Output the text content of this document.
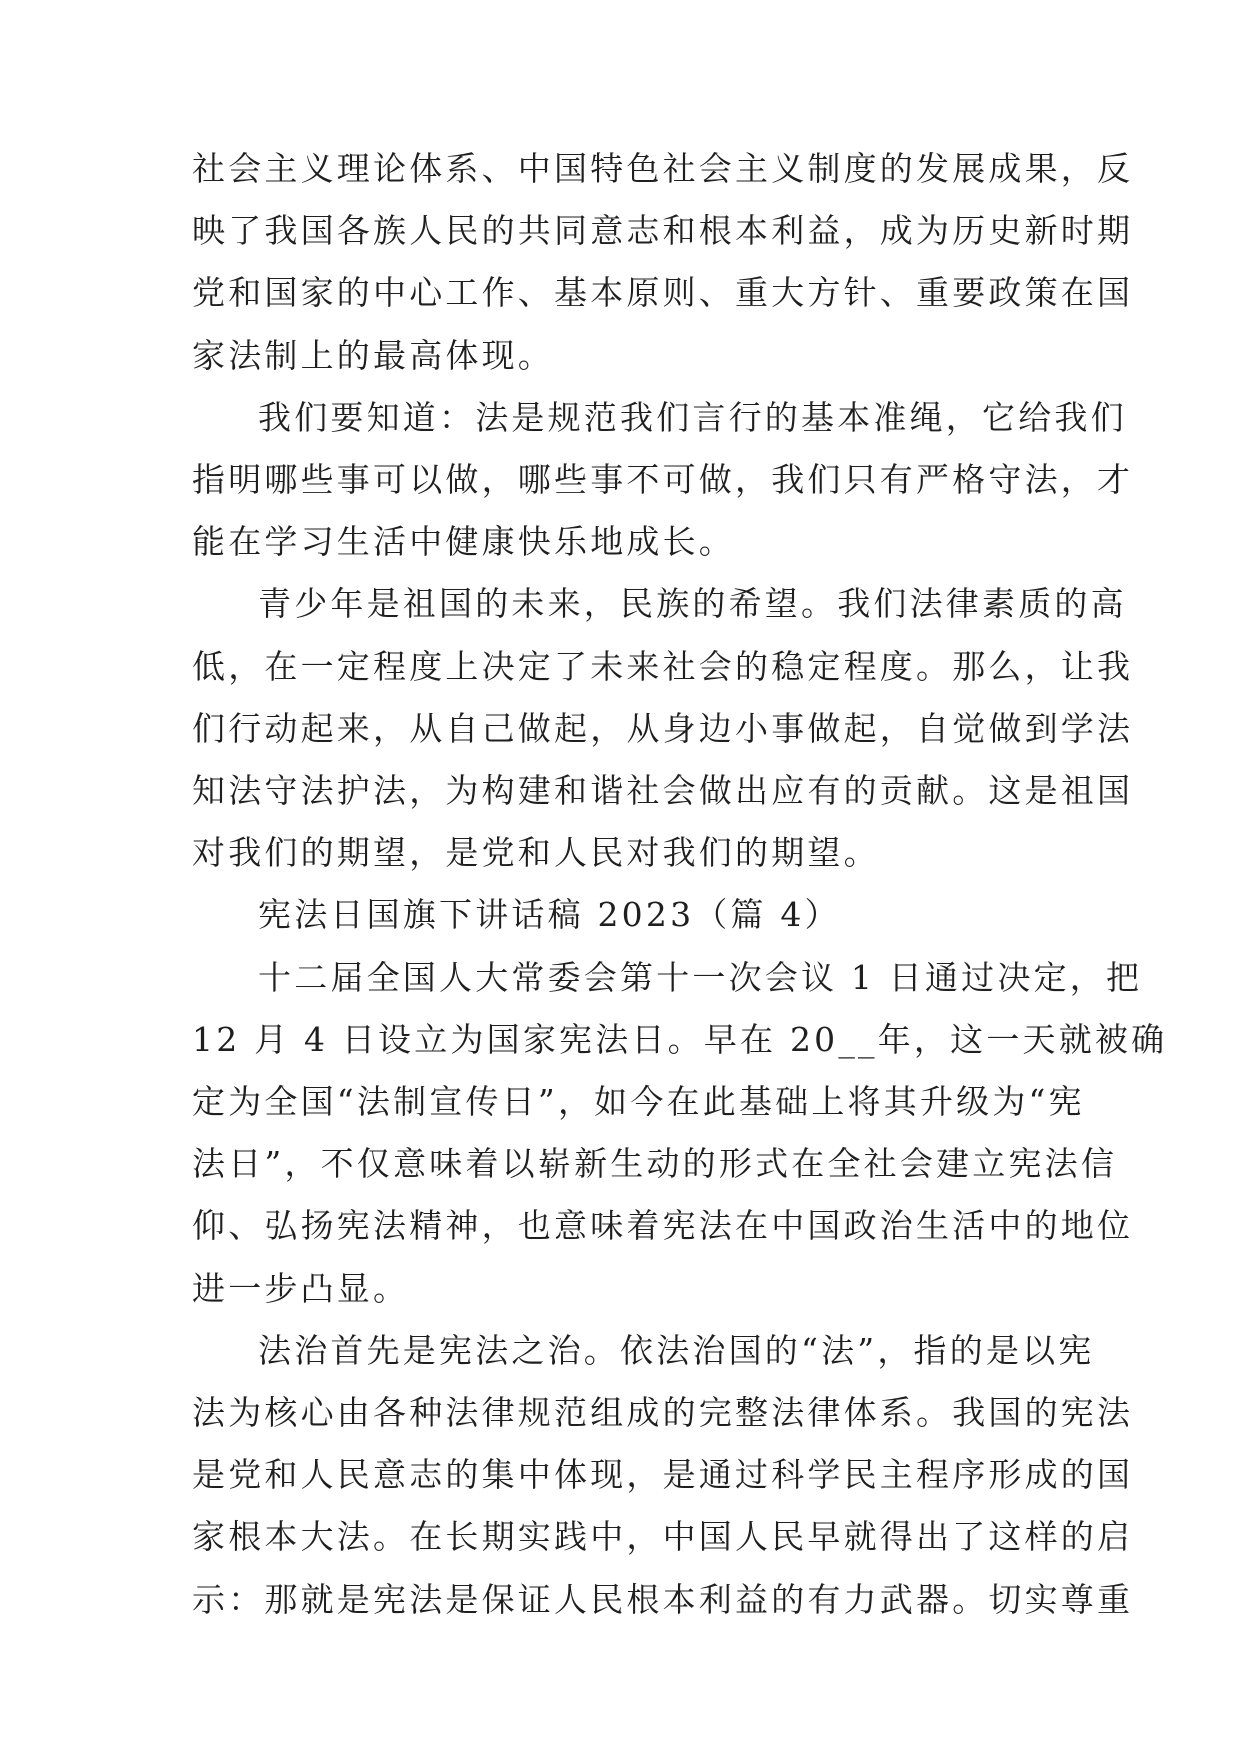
社会主义理论体系、中国特色社会主义制度的发展成果，反
映了我国各族人民的共同意志和根本利益，成为历史新时期
党和国家的中心工作、基本原则、重大方针、重要政策在国
家法制上的最高体现。
我们要知道：法是规范我们言行的基本准绳，它给我们
指明哪些事可以做，哪些事不可做，我们只有严格守法，才
能在学习生活中健康快乐地成长。
青少年是祖国的未来，民族的希望。我们法律素质的高
低，在一定程度上决定了未来社会的稳定程度。那么，让我
们行动起来，从自己做起，从身边小事做起，自觉做到学法
知法守法护法，为构建和谐社会做出应有的贡献。这是祖国
对我们的期望，是党和人民对我们的期望。
宪法日国旗下讲话稿 2023（篇 4）
十二届全国人大常委会第十一次会议 1 日通过决定，把
12 月 4 日设立为国家宪法日。早在 20__年，这一天就被确
定为全国“法制宣传日”，如今在此基础上将其升级为“宪
法日”，不仅意味着以崭新生动的形式在全社会建立宪法信
仰、弘扬宪法精神，也意味着宪法在中国政治生活中的地位
进一步凸显。
法治首先是宪法之治。依法治国的“法”，指的是以宪
法为核心由各种法律规范组成的完整法律体系。我国的宪法
是党和人民意志的集中体现，是通过科学民主程序形成的国
家根本大法。在长期实践中，中国人民早就得出了这样的启
示：那就是宪法是保证人民根本利益的有力武器。切实尊重
